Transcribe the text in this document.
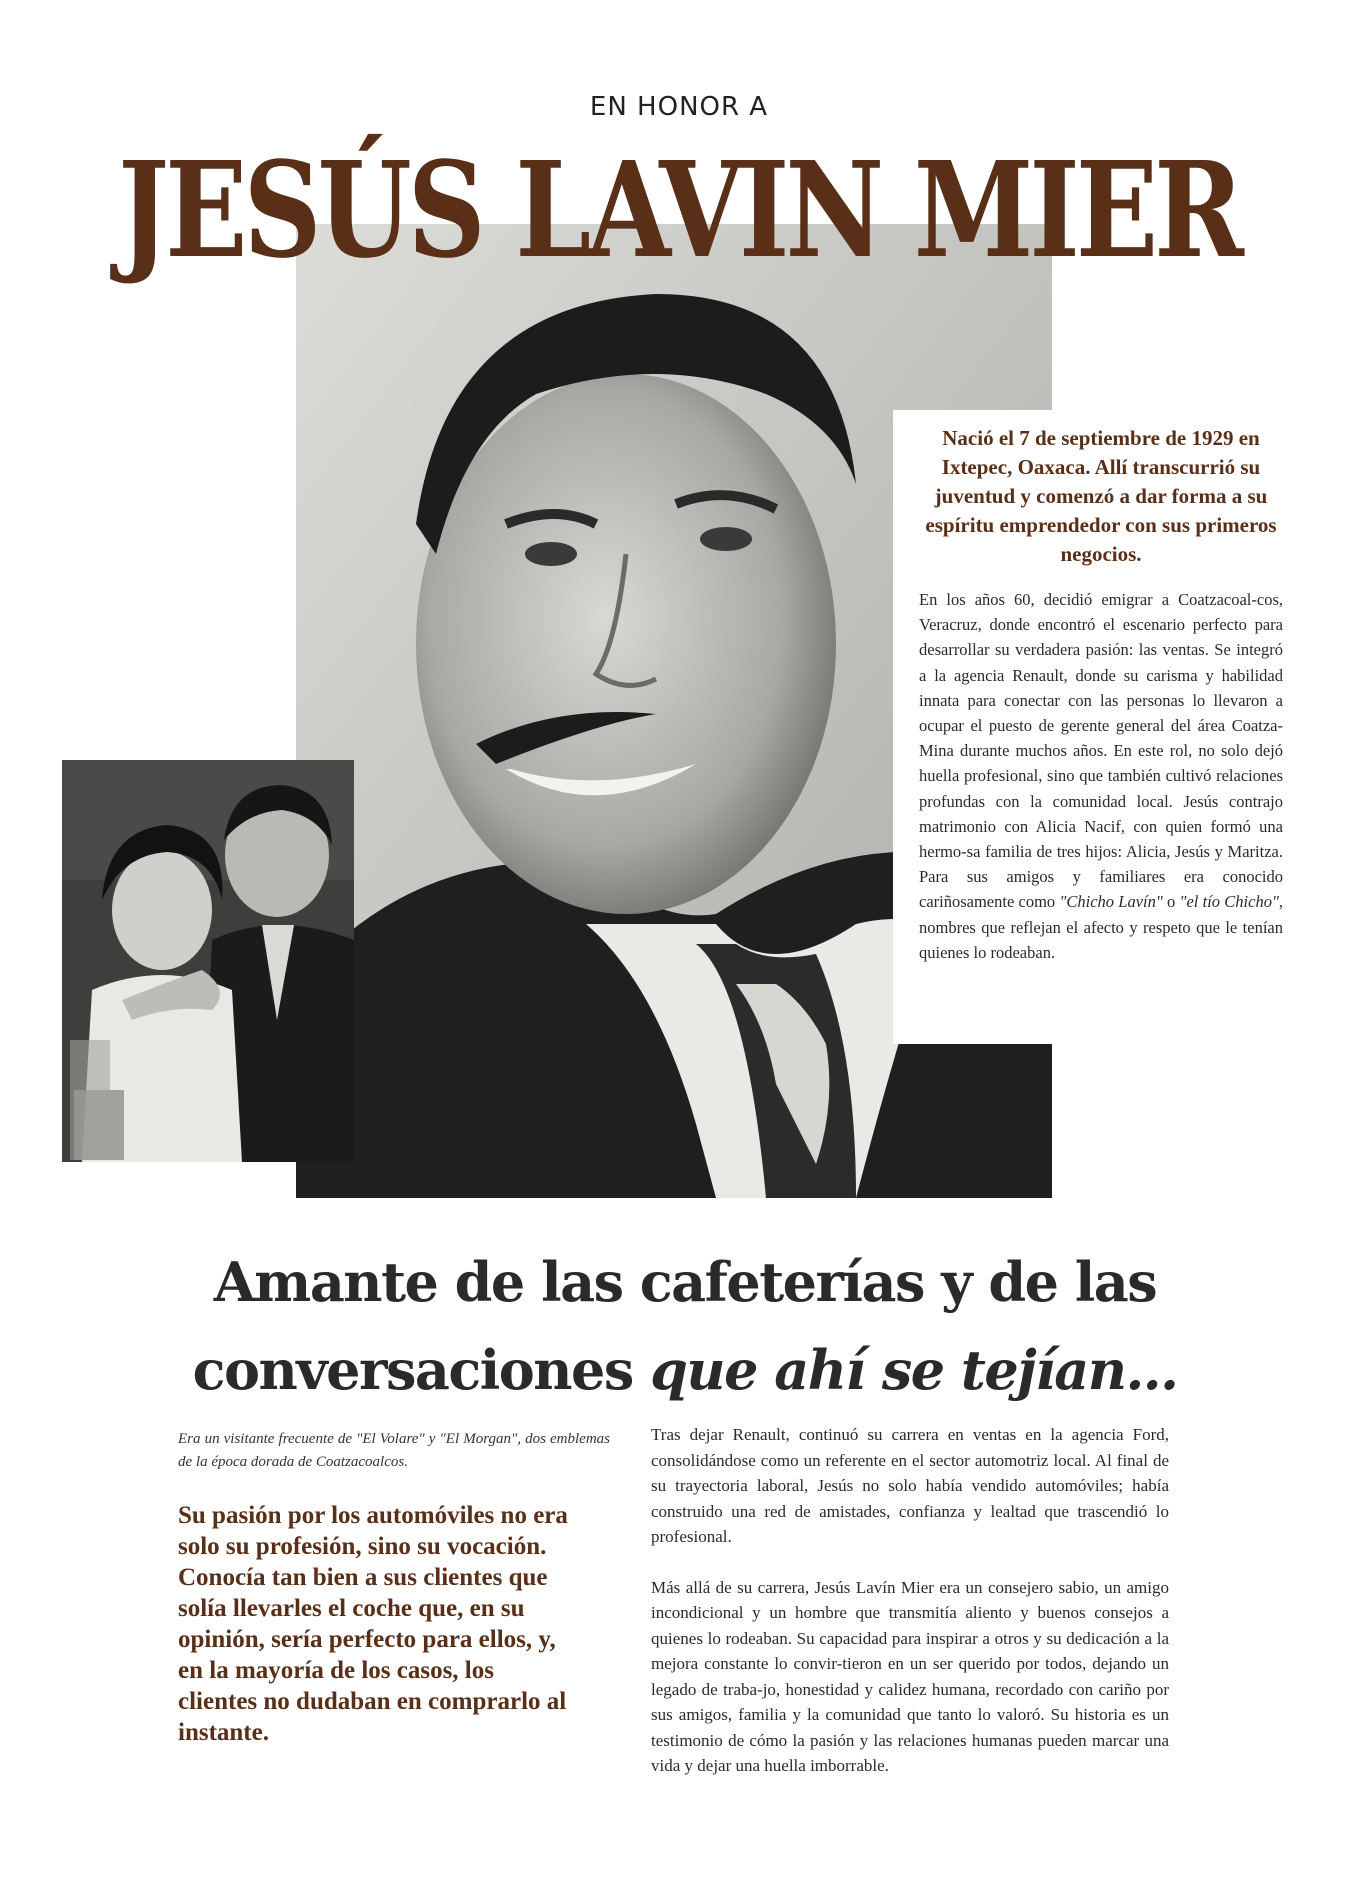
EN HONOR A
JESÚS LAVIN MIER

Nació el 7 de septiembre de 1929 en Ixtepec, Oaxaca. Allí transcurrió su juventud y comenzó a dar forma a su espíritu emprendedor con sus primeros negocios.

En los años 60, decidió emigrar a Coatzacoal-cos, Veracruz, donde encontró el escenario perfecto para desarrollar su verdadera pasión: las ventas. Se integró a la agencia Renault, donde su carisma y habilidad innata para conectar con las personas lo llevaron a ocupar el puesto de gerente general del área Coatza-Mina durante muchos años. En este rol, no solo dejó huella profesional, sino que también cultivó relaciones profundas con la comunidad local. Jesús contrajo matrimonio con Alicia Nacif, con quien formó una hermo-sa familia de tres hijos: Alicia, Jesús y Maritza. Para sus amigos y familiares era conocido cariñosamente como "Chicho Lavín" o "el tío Chicho", nombres que reflejan el afecto y respeto que le tenían quienes lo rodeaban.

Amante de las cafeterías y de las
conversaciones que ahí se tejían...

Era un visitante frecuente de "El Volare" y "El Morgan", dos emblemas de la época dorada de Coatzacoalcos.

Su pasión por los automóviles no era solo su profesión, sino su vocación. Conocía tan bien a sus clientes que solía llevarles el coche que, en su opinión, sería perfecto para ellos, y, en la mayoría de los casos, los clientes no dudaban en comprarlo al instante.

Tras dejar Renault, continuó su carrera en ventas en la agencia Ford, consolidándose como un referente en el sector automotriz local. Al final de su trayectoria laboral, Jesús no solo había vendido automóviles; había construido una red de amistades, confianza y lealtad que trascendió lo profesional.

Más allá de su carrera, Jesús Lavín Mier era un consejero sabio, un amigo incondicional y un hombre que transmitía aliento y buenos consejos a quienes lo rodeaban. Su capacidad para inspirar a otros y su dedicación a la mejora constante lo convir-tieron en un ser querido por todos, dejando un legado de traba-jo, honestidad y calidez humana, recordado con cariño por sus amigos, familia y la comunidad que tanto lo valoró. Su historia es un testimonio de cómo la pasión y las relaciones humanas pueden marcar una vida y dejar una huella imborrable.
